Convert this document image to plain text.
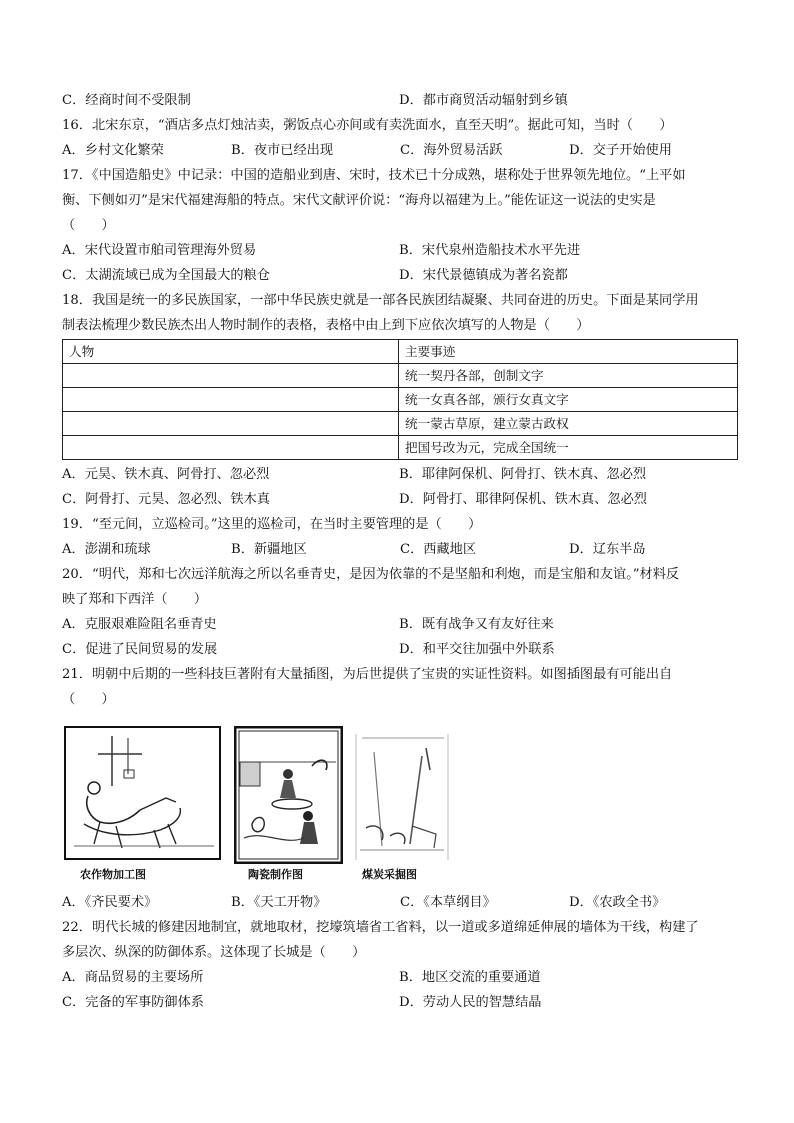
C．经商时间不受限制	D．都市商贸活动辐射到乡镇
16．北宋东京，“酒店多点灯烛沽卖，粥饭点心亦间或有卖洗面水，直至天明”。据此可知，当时（　　）
A．乡村文化繁荣	B．夜市已经出现	C．海外贸易活跃	D．交子开始使用
17．《中国造船史》中记录：中国的造船业到唐、宋时，技术已十分成熟，堪称处于世界领先地位。“上平如
衡、下侧如刃”是宋代福建海船的特点。宋代文献评价说：“海舟以福建为上。”能佐证这一说法的史实是
（　　）
A．宋代设置市舶司管理海外贸易	B．宋代泉州造船技术水平先进
C．太湖流域已成为全国最大的粮仓	D．宋代景德镇成为著名瓷都
18．我国是统一的多民族国家，一部中华民族史就是一部各民族团结凝聚、共同奋进的历史。下面是某同学用
制表法梳理少数民族杰出人物时制作的表格，表格中由上到下应依次填写的人物是（　　）
人物	主要事迹
	统一契丹各部，创制文字
	统一女真各部，颁行女真文字
	统一蒙古草原，建立蒙古政权
	把国号改为元，完成全国统一
A．元昊、铁木真、阿骨打、忽必烈	B．耶律阿保机、阿骨打、铁木真、忽必烈
C．阿骨打、元昊、忽必烈、铁木真	D．阿骨打、耶律阿保机、铁木真、忽必烈
19．“至元间，立巡检司。”这里的巡检司，在当时主要管理的是（　　）
A．澎湖和琉球	B．新疆地区	C．西藏地区	D．辽东半岛
20．“明代，郑和七次远洋航海之所以名垂青史，是因为依靠的不是坚船和利炮，而是宝船和友谊。”材料反
映了郑和下西洋（　　）
A．克服艰难险阻名垂青史	B．既有战争又有友好往来
C．促进了民间贸易的发展	D．和平交往加强中外联系
21．明朝中后期的一些科技巨著附有大量插图，为后世提供了宝贵的实证性资料。如图插图最有可能出自
（　　）
农作物加工图	陶瓷制作图	煤炭采掘图
A．《齐民要术》	B．《天工开物》	C．《本草纲目》	D．《农政全书》
22．明代长城的修建因地制宜，就地取材，挖壕筑墙省工省料，以一道或多道绵延伸展的墙体为干线，构建了
多层次、纵深的防御体系。这体现了长城是（　　）
A．商品贸易的主要场所	B．地区交流的重要通道
C．完备的军事防御体系	D．劳动人民的智慧结晶
